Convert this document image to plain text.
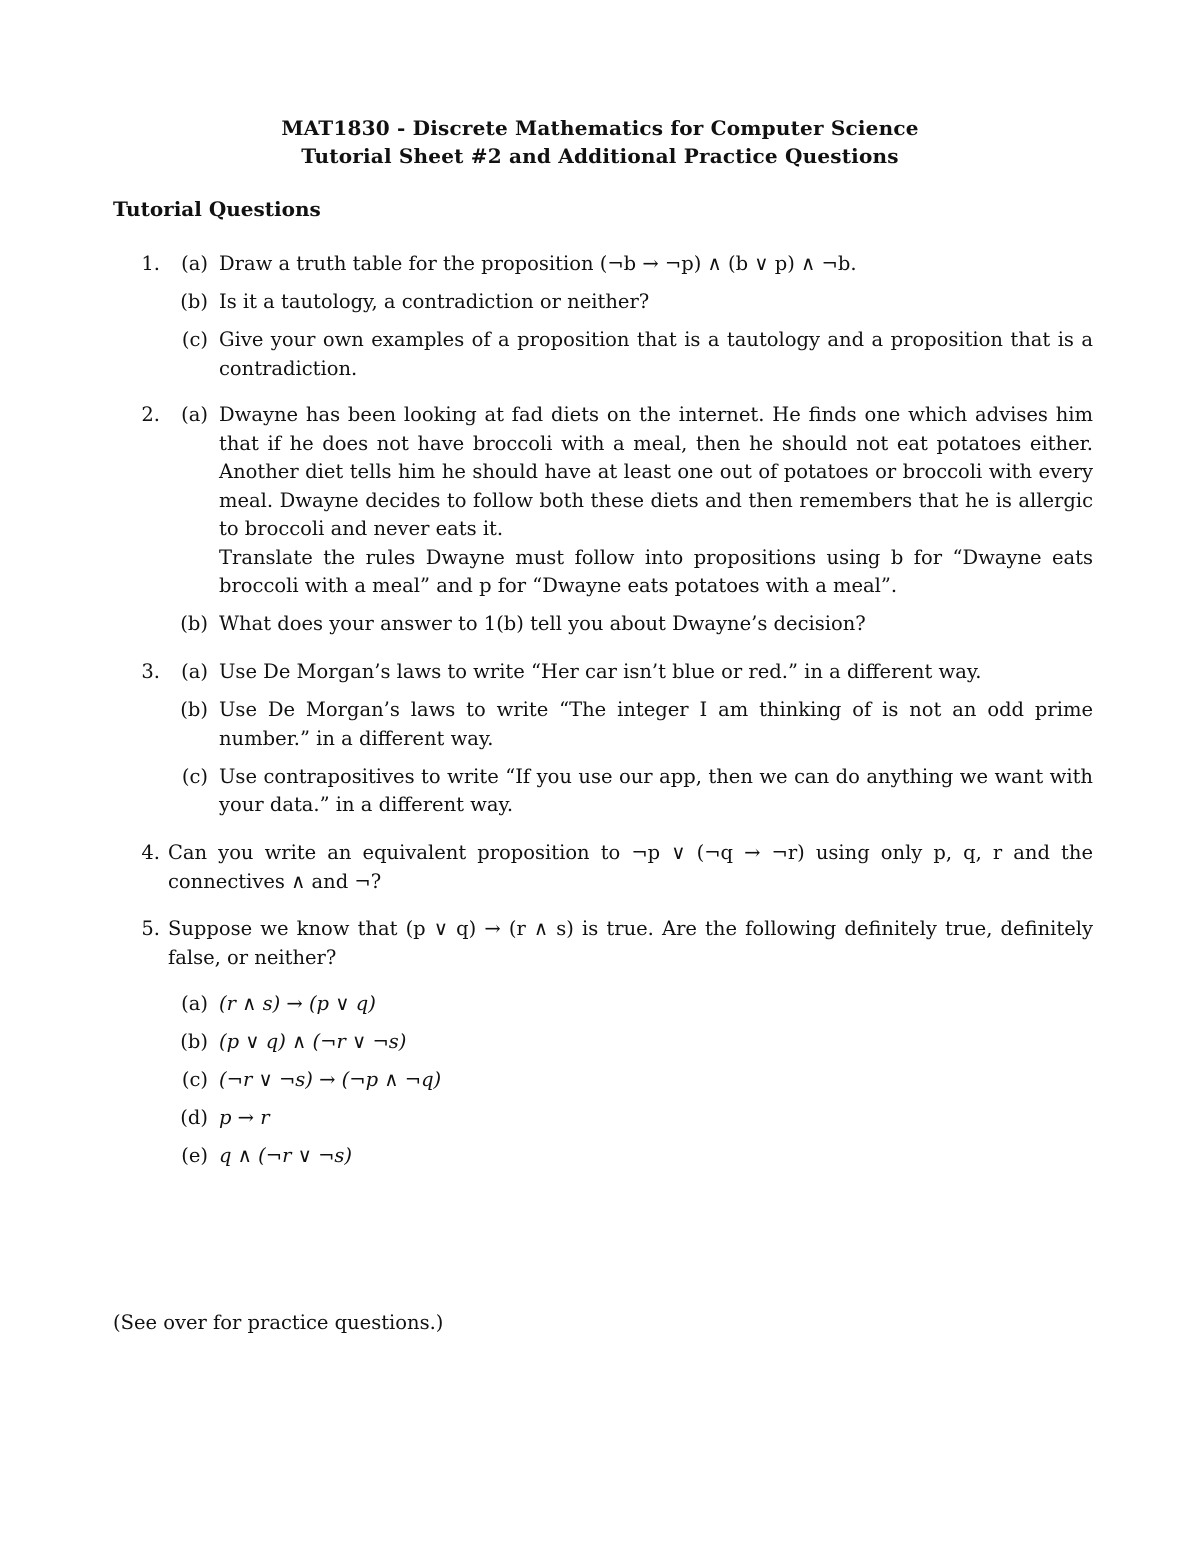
MAT1830 - Discrete Mathematics for Computer Science
Tutorial Sheet #2 and Additional Practice Questions
Tutorial Questions
1.	(a) Draw a truth table for the proposition (¬b → ¬p) ∧ (b ∨ p) ∧ ¬b.
(b) Is it a tautology, a contradiction or neither?
(c) Give your own examples of a proposition that is a tautology and a proposition that is a contradiction.
2.	(a) Dwayne has been looking at fad diets on the internet. He finds one which advises him that if he does not have broccoli with a meal, then he should not eat potatoes either. Another diet tells him he should have at least one out of potatoes or broccoli with every meal. Dwayne decides to follow both these diets and then remembers that he is allergic to broccoli and never eats it.
Translate the rules Dwayne must follow into propositions using b for “Dwayne eats broccoli with a meal” and p for “Dwayne eats potatoes with a meal”.
(b) What does your answer to 1(b) tell you about Dwayne’s decision?
3.	(a) Use De Morgan’s laws to write “Her car isn’t blue or red.” in a different way.
(b) Use De Morgan’s laws to write “The integer I am thinking of is not an odd prime number.” in a different way.
(c) Use contrapositives to write “If you use our app, then we can do anything we want with your data.” in a different way.
4. Can you write an equivalent proposition to ¬p ∨ (¬q → ¬r) using only p, q, r and the connectives ∧ and ¬?
5. Suppose we know that (p ∨ q) → (r ∧ s) is true. Are the following definitely true, definitely false, or neither?
(a) (r ∧ s) → (p ∨ q)
(b) (p ∨ q) ∧ (¬r ∨ ¬s)
(c) (¬r ∨ ¬s) → (¬p ∧ ¬q)
(d) p → r
(e) q ∧ (¬r ∨ ¬s)
(See over for practice questions.)
